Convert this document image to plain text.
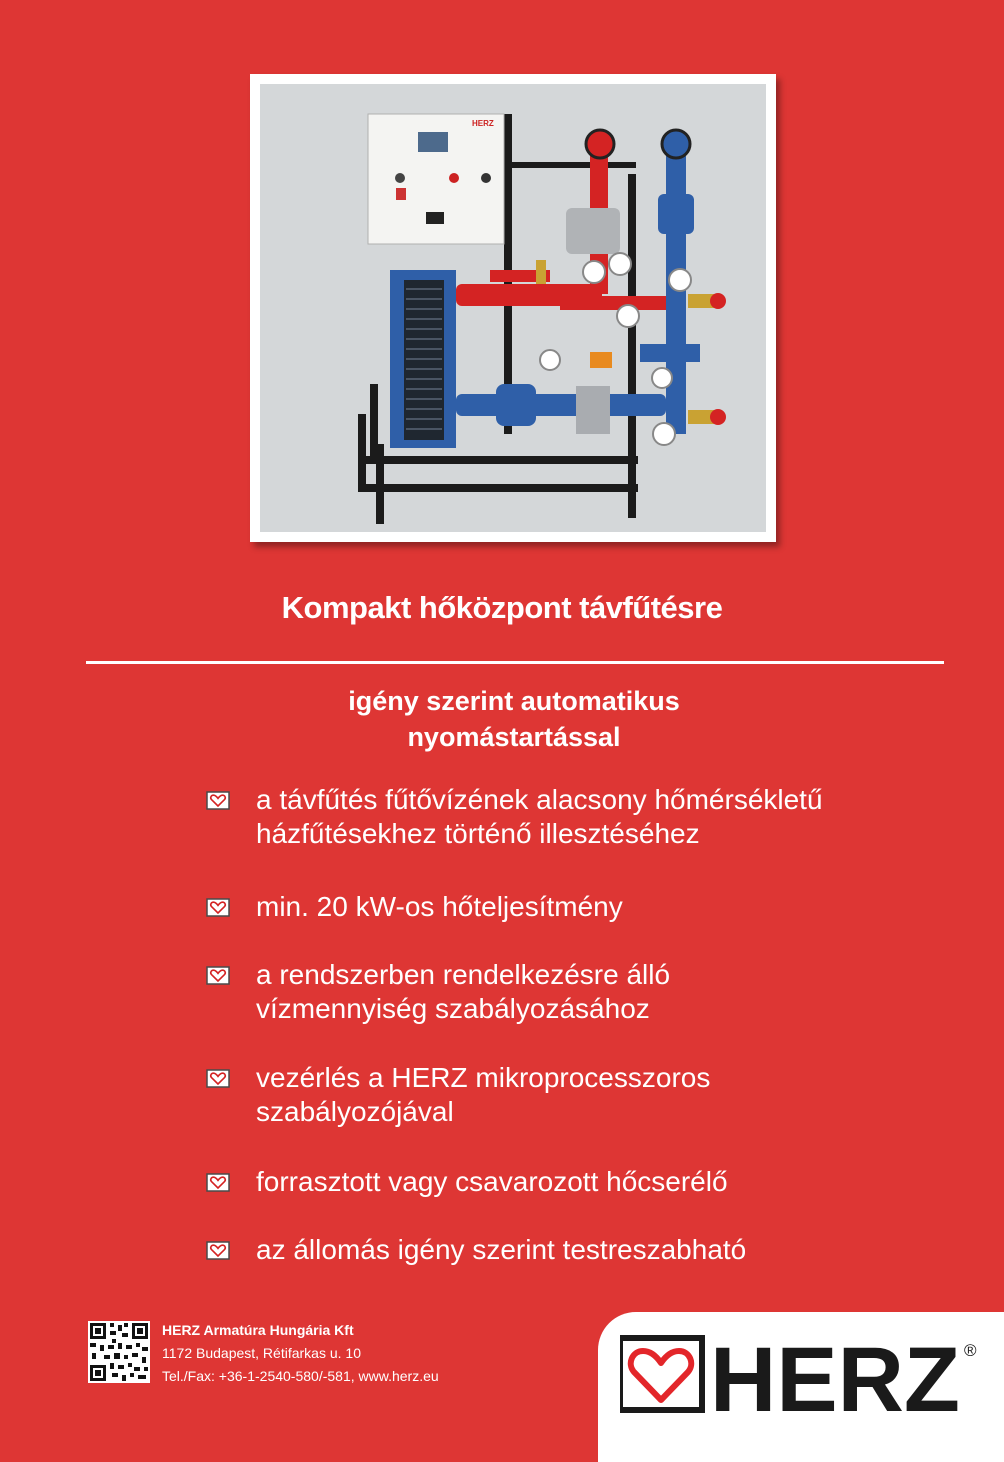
HERZ
Kompakt hőközpont távfűtésre
igény szerint automatikus
nyomástartással
a távfűtés fűtővízének alacsony hőmérsékletű
házfűtésekhez történő illesztéséhez
min. 20 kW-os hőteljesítmény
a rendszerben rendelkezésre álló
vízmennyiség szabályozásához
vezérlés a HERZ mikroprocesszoros
szabályozójával
forrasztott vagy csavarozott hőcserélő
az állomás igény szerint testreszabható
HERZ Armatúra Hungária Kft
1172 Budapest, Rétifarkas u. 10
Tel./Fax: +36-1-2540-580/-581, www.herz.eu	HERZ ®
